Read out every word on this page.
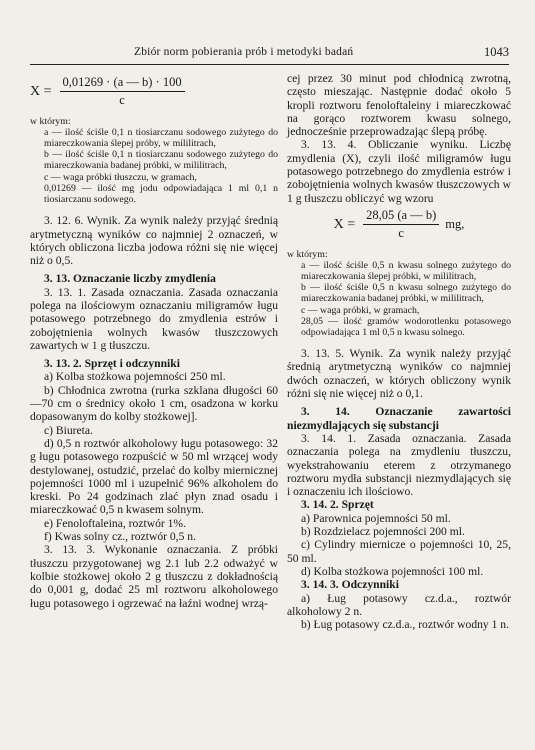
Zbiór norm pobierania prób i metodyki badań	1043
$X = \frac{0,01269 \cdot (a — b) \cdot 100}{c}$

w którym:

a — ilość ściśle 0,1 n tiosiarczanu sodowego zużytego do miareczkowania ślepej próby, w mililitrach,

b — ilość ściśle 0,1 n tiosiarczanu sodowego zużytego do miareczkowania badanej próbki, w mililitrach,

c — waga próbki tłuszczu, w gramach,

0,01269 — ilość mg jodu odpowiadająca 1 ml 0,1 n tiosiarczanu sodowego.

3. 12. 6. Wynik. Za wynik należy przyjąć średnią arytmetyczną wyników co najmniej 2 oznaczeń, w których obliczona liczba jodowa różni się nie więcej niż o 0,5.

3. 13. Oznaczanie liczby zmydlenia

3. 13. 1. Zasada oznaczania. Zasada oznaczania polega na ilościowym oznaczaniu miligramów ługu potasowego potrzebnego do zmydlenia estrów i zobojętnienia wolnych kwasów tłuszczowych zawartych w 1 g tłuszczu.

3. 13. 2. Sprzęt i odczynniki

a) Kolba stożkowa pojemności 250 ml.

b) Chłodnica zwrotna (rurka szklana długości 60—70 cm o średnicy około 1 cm, osadzona w korku dopasowanym do kolby stożkowej].

c) Biureta.

d) 0,5 n roztwór alkoholowy ługu potasowego: 32 g ługu potasowego rozpuścić w 50 ml wrzącej wody destylowanej, ostudzić, przelać do kolby miernicznej pojemności 1000 ml i uzupełnić 96% alkoholem do kreski. Po 24 godzinach zlać płyn znad osadu i miareczkować 0,5 n kwasem solnym.

e) Fenoloftaleina, roztwór 1%.

f) Kwas solny cz., roztwór 0,5 n.

3. 13. 3. Wykonanie oznaczania. Z próbki tłuszczu przygotowanej wg 2.1 lub 2.2 odważyć w kolbie stożkowej około 2 g tłuszczu z dokładnością do 0,001 g, dodać 25 ml roztworu alkoholowego ługu potasowego i ogrzewać na łaźni wodnej wrzą-

cej przez 30 minut pod chłodnicą zwrotną, często mieszając. Następnie dodać około 5 kropli roztworu fenoloftaleiny i miareczkować na gorąco roztworem kwasu solnego, jednocześnie przeprowadzając ślepą próbę.

3. 13. 4. Obliczanie wyniku. Liczbę zmydlenia (X), czyli ilość miligramów ługu potasowego potrzebnego do zmydlenia estrów i zobojętnienia wolnych kwasów tłuszczowych w 1 g tłuszczu obliczyć wg wzoru

$X = \frac{28,05 (a — b)}{c}$ mg,

w którym:

a — ilość ściśle 0,5 n kwasu solnego zużytego do miareczkowania ślepej próbki, w mililitrach,

b — ilość ściśle 0,5 n kwasu solnego zużytego do miareczkowania badanej próbki, w mililitrach,

c — waga próbki, w gramach,

28,05 — ilość gramów wodorotlenku potasowego odpowiadająca 1 ml 0,5 n kwasu solnego.

3. 13. 5. Wynik. Za wynik należy przyjąć średnią arytmetyczną wyników co najmniej dwóch oznaczeń, w których obliczony wynik różni się nie więcej niż o 0,1.

3. 14. Oznaczanie zawartości niezmydlających się substancji

3. 14. 1. Zasada oznaczania. Zasada oznaczania polega na zmydleniu tłuszczu, wyekstrahowaniu eterem z otrzymanego roztworu mydła substancji niezmydlających się i oznaczeniu ich ilościowo.

3. 14. 2. Sprzęt

a) Parownica pojemności 50 ml.

b) Rozdzielacz pojemności 200 ml.

c) Cylindry miernicze o pojemności 10, 25, 50 ml.

d) Kolba stożkowa pojemności 100 ml.

3. 14. 3. Odczynniki

a) Ług potasowy cz.d.a., roztwór alkoholowy 2 n.

b) Ług potasowy cz.d.a., roztwór wodny 1 n.
